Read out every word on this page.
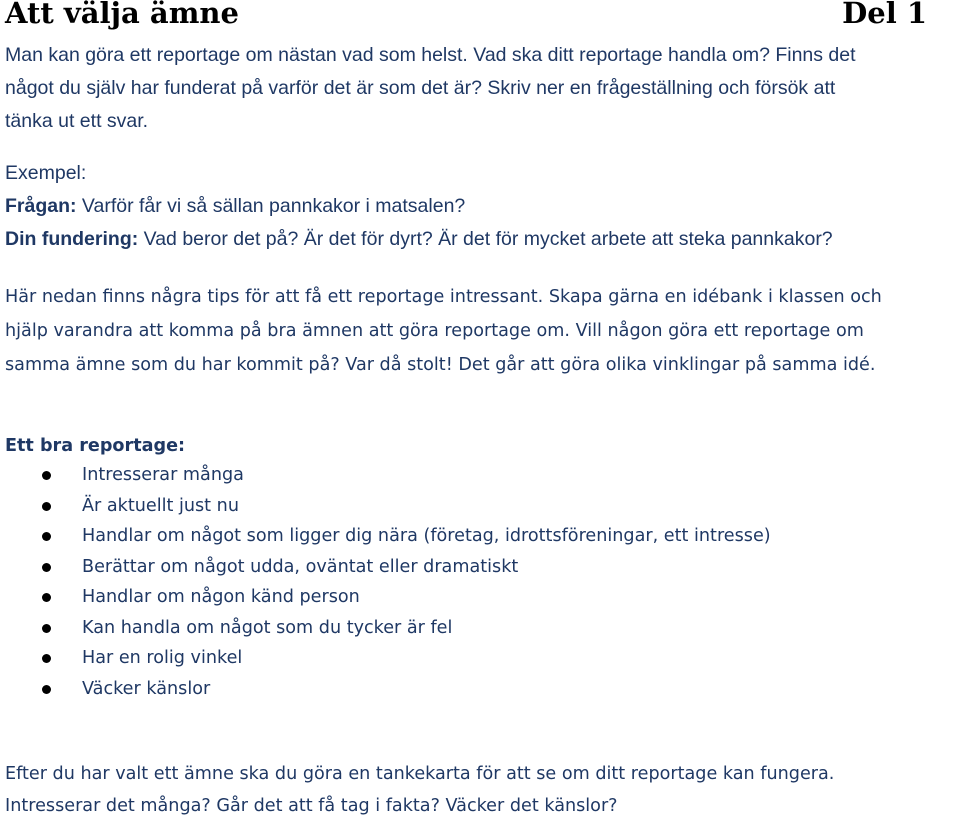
Att välja ämne	Del 1
Man kan göra ett reportage om nästan vad som helst. Vad ska ditt reportage handla om? Finns det
något du själv har funderat på varför det är som det är? Skriv ner en frågeställning och försök att
tänka ut ett svar.
Exempel:
Frågan: Varför får vi så sällan pannkakor i matsalen?
Din fundering: Vad beror det på? Är det för dyrt? Är det för mycket arbete att steka pannkakor?
Här nedan finns några tips för att få ett reportage intressant. Skapa gärna en idébank i klassen och
hjälp varandra att komma på bra ämnen att göra reportage om. Vill någon göra ett reportage om
samma ämne som du har kommit på? Var då stolt! Det går att göra olika vinklingar på samma idé.
Ett bra reportage:
Intresserar många
Är aktuellt just nu
Handlar om något som ligger dig nära (företag, idrottsföreningar, ett intresse)
Berättar om något udda, oväntat eller dramatiskt
Handlar om någon känd person
Kan handla om något som du tycker är fel
Har en rolig vinkel
Väcker känslor
Efter du har valt ett ämne ska du göra en tankekarta för att se om ditt reportage kan fungera.
Intresserar det många? Går det att få tag i fakta? Väcker det känslor?
